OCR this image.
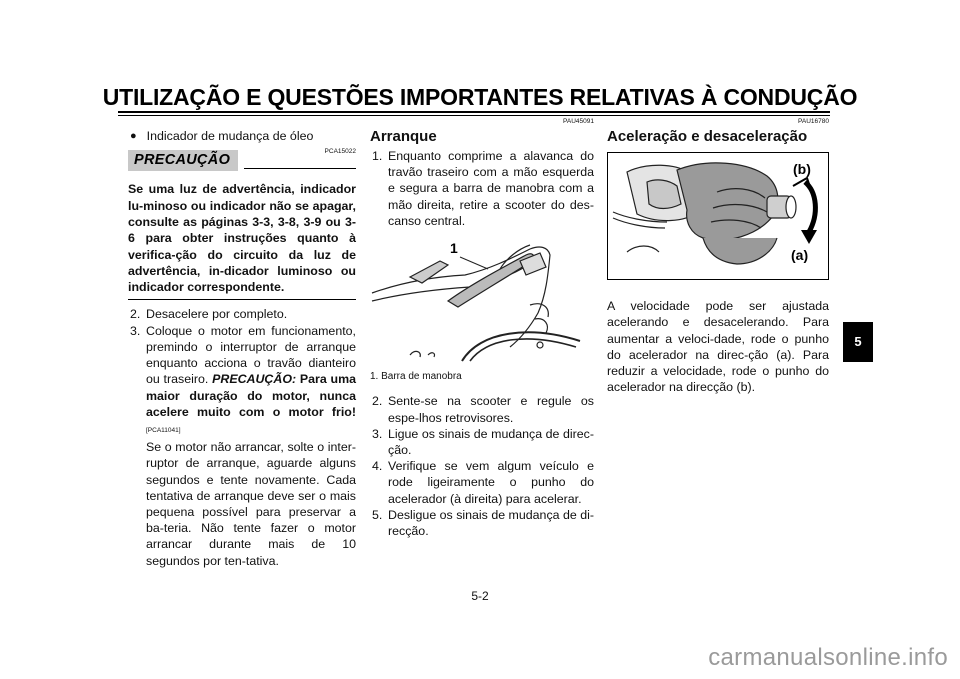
UTILIZAÇÃO E QUESTÕES IMPORTANTES RELATIVAS À CONDUÇÃO
● Indicador de mudança de óleo
PRECAUÇÃO
PCA15022
Se uma luz de advertência, indicador lu-minoso ou indicador não se apagar, consulte as páginas 3-3, 3-8, 3-9 ou 3-6 para obter instruções quanto à verifica-ção do circuito da luz de advertência, in-dicador luminoso ou indicador correspondente.
2. Desacelere por completo.
3. Coloque o motor em funcionamento, premindo o interruptor de arranque enquanto acciona o travão dianteiro ou traseiro. PRECAUÇÃO: Para uma maior duração do motor, nunca acelere muito com o motor frio![PCA11041]
Se o motor não arrancar, solte o inter-ruptor de arranque, aguarde alguns segundos e tente novamente. Cada tentativa de arranque deve ser o mais pequena possível para preservar a ba-teria. Não tente fazer o motor arrancar durante mais de 10 segundos por ten-tativa.
PAU45091
Arranque
1. Enquanto comprime a alavanca do travão traseiro com a mão esquerda e segura a barra de manobra com a mão direita, retire a scooter do des-canso central.
1
1. Barra de manobra
2. Sente-se na scooter e regule os espe-lhos retrovisores.
3. Ligue os sinais de mudança de direc-ção.
4. Verifique se vem algum veículo e rode ligeiramente o punho do acelerador (à direita) para acelerar.
5. Desligue os sinais de mudança de di-recção.
PAU16780
Aceleração e desaceleração
(b)
(a)
A velocidade pode ser ajustada acelerando e desacelerando. Para aumentar a veloci-dade, rode o punho do acelerador na direc-ção (a). Para reduzir a velocidade, rode o punho do acelerador na direcção (b).
5
5-2
carmanualsonline.info
